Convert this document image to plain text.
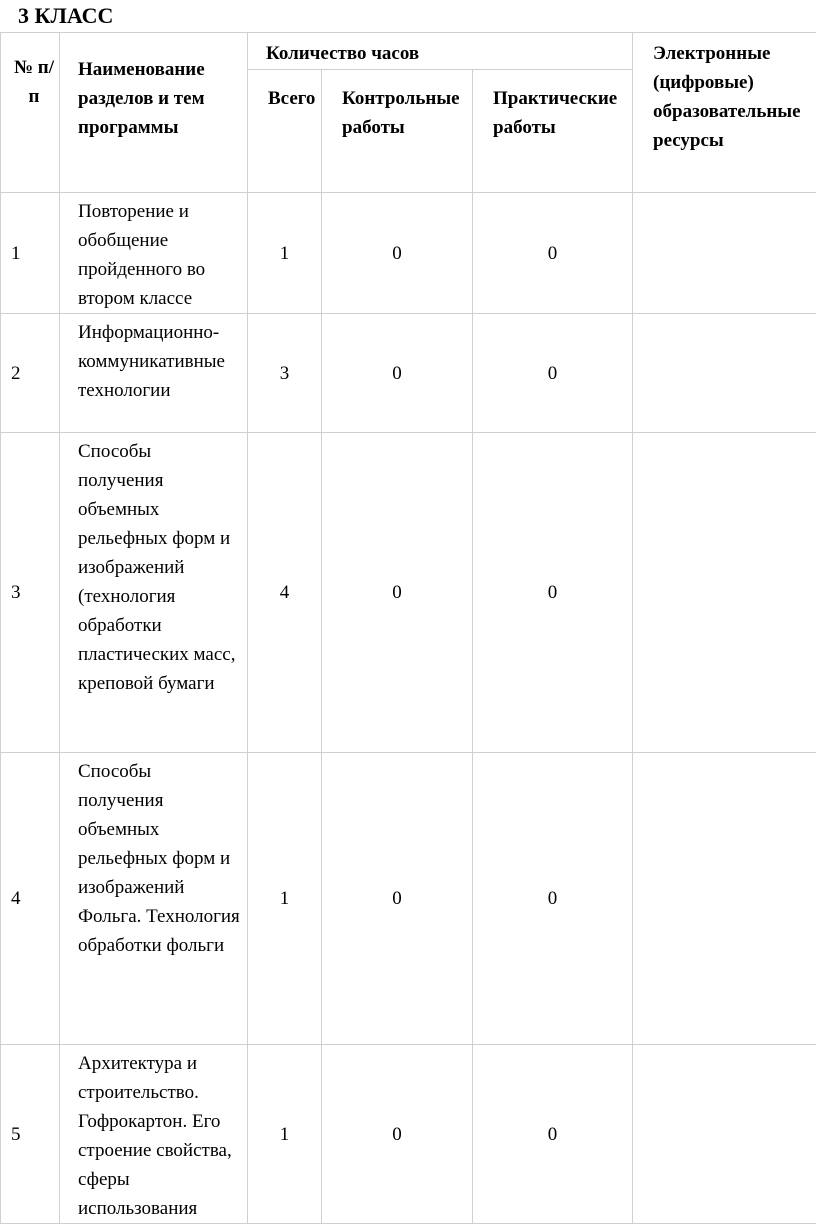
3 КЛАСС
№ п/ п	Наименование разделов и тем программы	Количество часов			Электронные (цифровые) образовательные ресурсы
		Всего	Контрольные работы	Практические работы	
1	Повторение и обобщение пройденного во втором классе	1	0	0	
2	Информационно-коммуникативные технологии	3	0	0	
3	Способы получения объемных рельефных форм и изображений (технология обработки пластических масс, креповой бумаги	4	0	0	
4	Способы получения объемных рельефных форм и изображений Фольга. Технология обработки фольги	1	0	0	
5	Архитектура и строительство. Гофрокартон. Его строение свойства, сферы использования	1	0	0	
